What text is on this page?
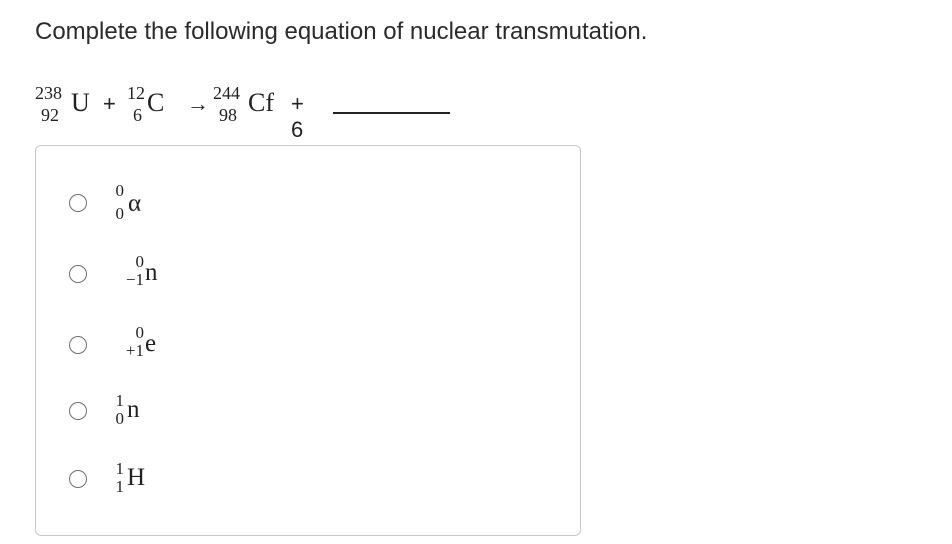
Complete the following equation of nuclear transmutation.
238
92 U + 12
6 C → 244
98 Cf + 6
0
0 α
0
−1 n
0
+1 e
1
0 n
1
1 H
